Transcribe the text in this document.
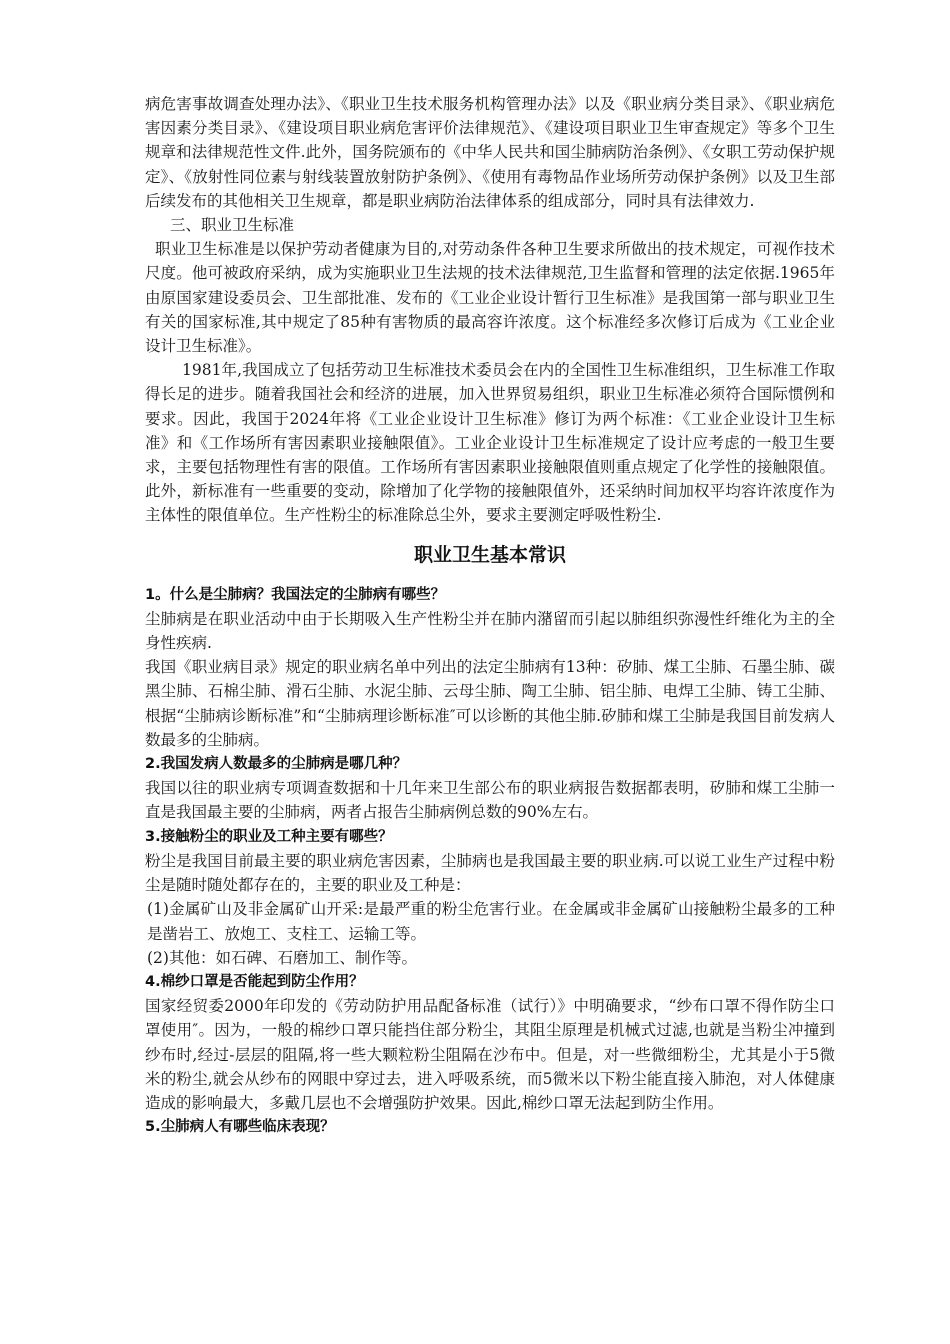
病危害事故调查处理办法》、《职业卫生技术服务机构管理办法》以及《职业病分类目录》、《职业病危害因素分类目录》、《建设项目职业病危害评价法律规范》、《建设项目职业卫生审查规定》等多个卫生规章和法律规范性文件.此外，国务院颁布的《中华人民共和国尘肺病防治条例》、《女职工劳动保护规定》、《放射性同位素与射线装置放射防护条例》、《使用有毒物品作业场所劳动保护条例》以及卫生部后续发布的其他相关卫生规章，都是职业病防治法律体系的组成部分，同时具有法律效力.

三、职业卫生标准

职业卫生标准是以保护劳动者健康为目的,对劳动条件各种卫生要求所做出的技术规定，可视作技术尺度。他可被政府采纳，成为实施职业卫生法规的技术法律规范,卫生监督和管理的法定依据.1965年由原国家建设委员会、卫生部批准、发布的《工业企业设计暂行卫生标准》是我国第一部与职业卫生有关的国家标准,其中规定了85种有害物质的最高容许浓度。这个标准经多次修订后成为《工业企业设计卫生标准》。

1981年,我国成立了包括劳动卫生标准技术委员会在内的全国性卫生标准组织，卫生标准工作取得长足的进步。随着我国社会和经济的进展，加入世界贸易组织，职业卫生标准必须符合国际惯例和要求。因此，我国于2024年将《工业企业设计卫生标准》修订为两个标准：《工业企业设计卫生标准》和《工作场所有害因素职业接触限值》。工业企业设计卫生标准规定了设计应考虑的一般卫生要求，主要包括物理性有害的限值。工作场所有害因素职业接触限值则重点规定了化学性的接触限值。此外，新标准有一些重要的变动，除增加了化学物的接触限值外，还采纳时间加权平均容许浓度作为主体性的限值单位。生产性粉尘的标准除总尘外，要求主要测定呼吸性粉尘.

职业卫生基本常识

1。什么是尘肺病？我国法定的尘肺病有哪些？

尘肺病是在职业活动中由于长期吸入生产性粉尘并在肺内潴留而引起以肺组织弥漫性纤维化为主的全身性疾病.

我国《职业病目录》规定的职业病名单中列出的法定尘肺病有13种：矽肺、煤工尘肺、石墨尘肺、碳黑尘肺、石棉尘肺、滑石尘肺、水泥尘肺、云母尘肺、陶工尘肺、铝尘肺、电焊工尘肺、铸工尘肺、根据“尘肺病诊断标准”和“尘肺病理诊断标准″可以诊断的其他尘肺.矽肺和煤工尘肺是我国目前发病人数最多的尘肺病。

2.我国发病人数最多的尘肺病是哪几种？

我国以往的职业病专项调查数据和十几年来卫生部公布的职业病报告数据都表明，矽肺和煤工尘肺一直是我国最主要的尘肺病，两者占报告尘肺病例总数的90%左右。

3.接触粉尘的职业及工种主要有哪些？

粉尘是我国目前最主要的职业病危害因素，尘肺病也是我国最主要的职业病.可以说工业生产过程中粉尘是随时随处都存在的，主要的职业及工种是：

(1)金属矿山及非金属矿山开采:是最严重的粉尘危害行业。在金属或非金属矿山接触粉尘最多的工种是凿岩工、放炮工、支柱工、运输工等。

(2)其他：如石碑、石磨加工、制作等。

4.棉纱口罩是否能起到防尘作用？

国家经贸委2000年印发的《劳动防护用品配备标准（试行）》中明确要求，“纱布口罩不得作防尘口罩使用″。因为，一般的棉纱口罩只能挡住部分粉尘，其阻尘原理是机械式过滤,也就是当粉尘冲撞到纱布时,经过-层层的阻隔,将一些大颗粒粉尘阻隔在沙布中。但是，对一些微细粉尘，尤其是小于5微米的粉尘,就会从纱布的网眼中穿过去，进入呼吸系统，而5微米以下粉尘能直接入肺泡，对人体健康造成的影响最大，多戴几层也不会增强防护效果。因此,棉纱口罩无法起到防尘作用。

5.尘肺病人有哪些临床表现？
